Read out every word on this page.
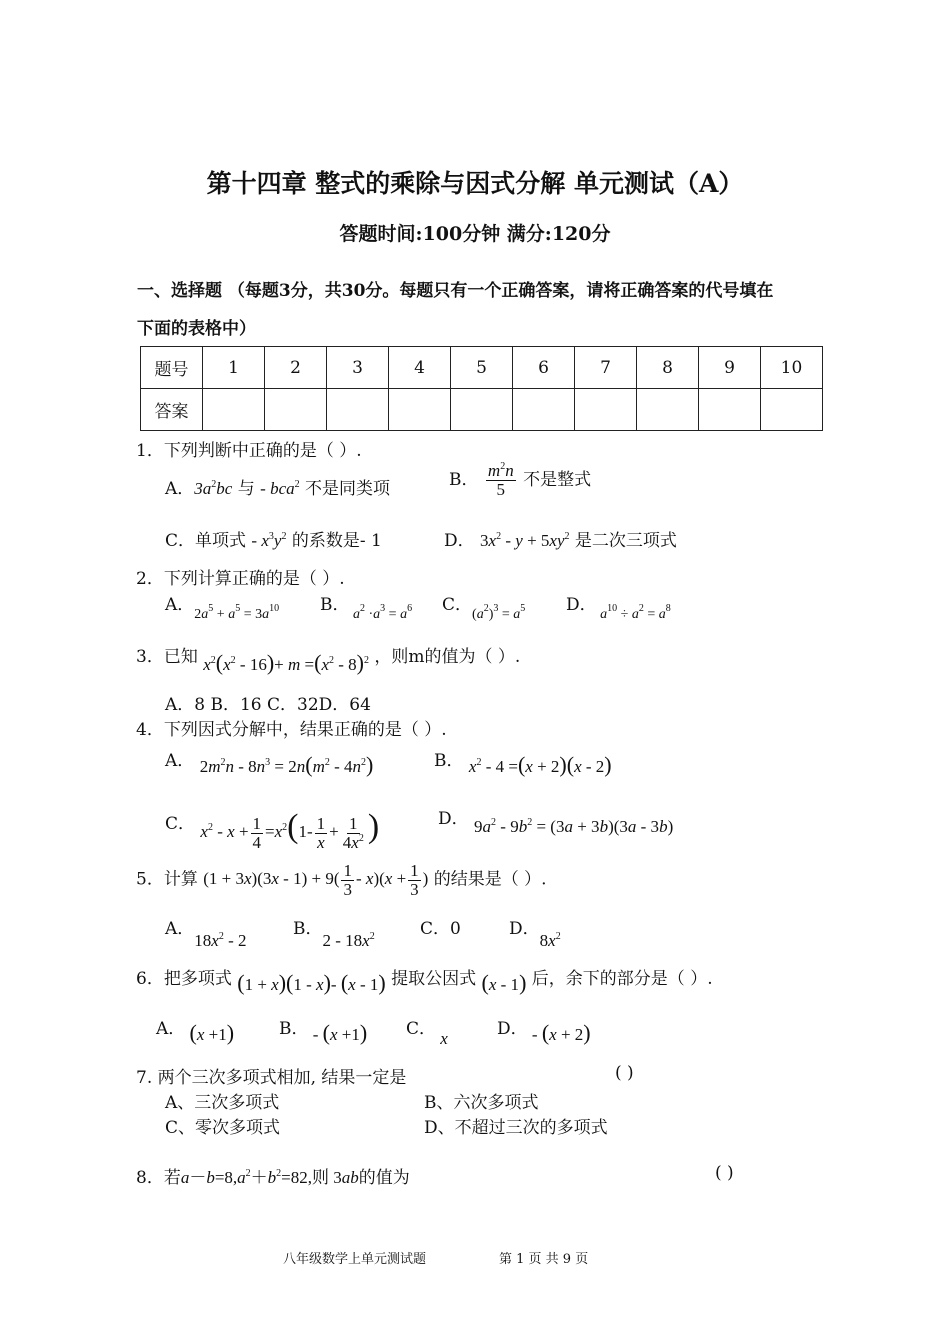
第十四章 整式的乘除与因式分解 单元测试（A）
答题时间:100分钟 满分:120分
一、选择题 （每题3分，共30分。每题只有一个正确答案，请将正确答案的代号填在
下面的表格中）
题号	1	2	3	4	5	6	7	8	9	10
答案										
1．下列判断中正确的是（ ）.
A．$3a^2bc$ 与 - bca$^2$ 不是同类项	B． $\frac{m^2n}{5}$ 不是整式
C．单项式 - $x^3y^2$ 的系数是- 1	D． $3x^2 - y + 5xy^2$ 是二次三项式
2．下列计算正确的是（ ）.
A．$_{2a^5 + a^5 = 3a^{10}}$ B． $_{a^2 \cdot a^3 = a^6}$ C．$_{(a^2)^3 = a^5}$ D． $_{a^{10} \div a^2 = a^8}$
3．已知 $x^2(x^2 - 16)+ m =(x^2 - 8)^2$ ，则m的值为（ ）.
A．8 B．16 C．32D．64
4．下列因式分解中，结果正确的是（ ）.
A． $2m^2n - 8n^3 = 2n(m^2 - 4n^2)$	B． $x^2 - 4 =(x + 2)(x - 2)$
C． $x^2 - x + \frac{1}{4} =x^2(1- \frac{1}{x} + \frac{1}{4x^2}$ )	D． $9a^2 - 9b^2 = (3a + 3b)(3a - 3b)$
5．计算 $(1 + 3x)(3x - 1) + 9( \frac{1}{3} - x)(x + \frac{1}{3}$ ) 的结果是（ ）.
A．$18x^2 - 2$
B．$2 - 18x^2$	C．0	D．$8x^2$
6．把多项式 (1 + x)(1 - x)- (x - 1) 提取公因式 (x - 1) 后，余下的部分是（ ）.
A． (x +1)	B． - (x +1) C． x	D． - (x + 2)
7. 两个三次多项式相加, 结果一定是	( )
A、三次多项式	B、六次多项式
C、零次多项式	D、不超过三次的多项式
8．若$a-b=8,a^2+b^2=82$,则 3ab的值为	( )
八年级数学上单元测试题	第 1 页 共 9 页
